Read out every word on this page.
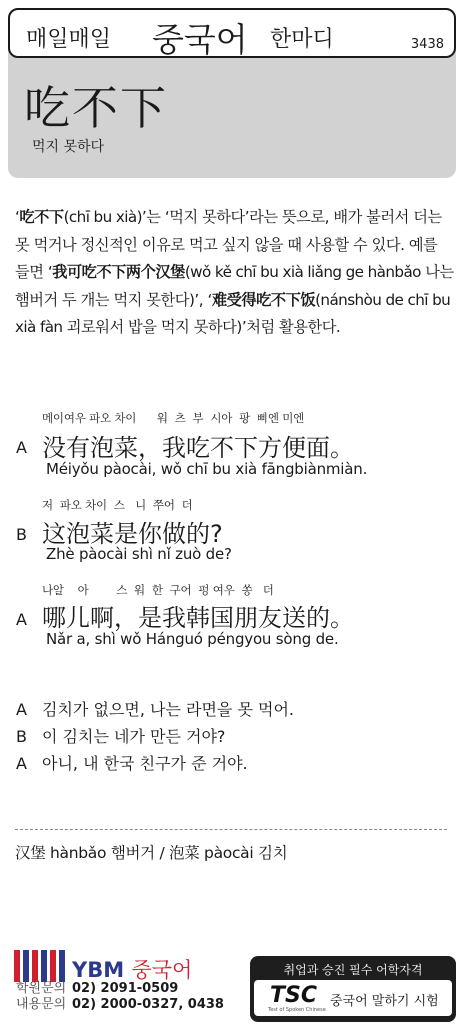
매일매일 중국어 한마디	3438
吃不下
먹지 못하다
‘吃不下(chī bu xià)’는 ‘먹지 못하다’라는 뜻으로, 배가 불러서 더는 못 먹거나 정신적인 이유로 먹고 싶지 않을 때 사용할 수 있다. 예를 들면 ‘我可吃不下两个汉堡(wǒ kě chī bu xià liǎng ge hànbǎo 나는 햄버거 두 개는 먹지 못한다)’, ‘难受得吃不下饭(nánshòu de chī bu xià fàn 괴로워서 밥을 먹지 못하다)’처럼 활용한다.
메이여우 파오 차이      워  츠  부  시아  팡  삐엔 미엔
A 没有泡菜，我吃不下方便面。
Méiyǒu pàocài, wǒ chī bu xià fāngbiànmiàn.
저  파오 차이  스   니  쭈어  더
B 这泡菜是你做的?
Zhè pàocài shì nǐ zuò de?
나알    아        스  워  한  구어  펑 여우  쏭   더
A 哪儿啊，是我韩国朋友送的。
Nǎr a, shì wǒ Hánguó péngyou sòng de.
A 김치가 없으면, 나는 라면을 못 먹어.
B 이 김치는 네가 만든 거야?
A 아니, 내 한국 친구가 준 거야.
汉堡 hànbǎo 햄버거 / 泡菜 pàocài 김치
YBM 중국어
학원문의 02) 2091-0509
내용문의 02) 2000-0327, 0438
취업과 승진 필수 어학자격
TSC
Test of Spoken Chinese
중국어 말하기 시험
